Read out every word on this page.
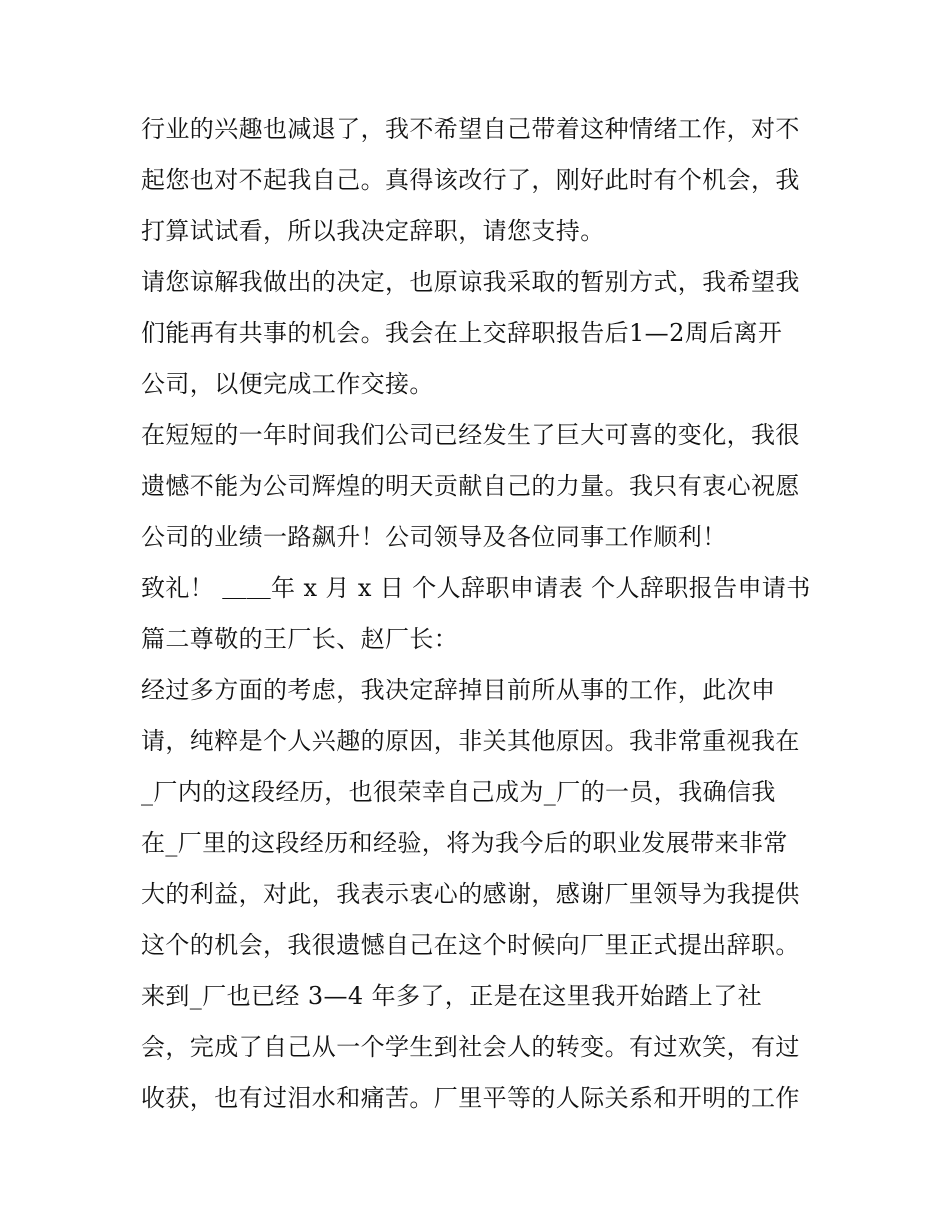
行业的兴趣也减退了，我不希望自己带着这种情绪工作，对不
起您也对不起我自己。真得该改行了，刚好此时有个机会，我
打算试试看，所以我决定辞职，请您支持。
请您谅解我做出的决定，也原谅我采取的暂别方式，我希望我
们能再有共事的机会。我会在上交辞职报告后1—2周后离开
公司，以便完成工作交接。
在短短的一年时间我们公司已经发生了巨大可喜的变化，我很
遗憾不能为公司辉煌的明天贡献自己的力量。我只有衷心祝愿
公司的业绩一路飙升！公司领导及各位同事工作顺利！
致礼！ ＿＿年 x 月 x 日 个人辞职申请表 个人辞职报告申请书
篇二尊敬的王厂长、赵厂长：
经过多方面的考虑，我决定辞掉目前所从事的工作，此次申
请，纯粹是个人兴趣的原因，非关其他原因。我非常重视我在
_厂内的这段经历，也很荣幸自己成为_厂的一员，我确信我
在_厂里的这段经历和经验，将为我今后的职业发展带来非常
大的利益，对此，我表示衷心的感谢，感谢厂里领导为我提供
这个的机会，我很遗憾自己在这个时候向厂里正式提出辞职。
来到_厂也已经 3—4 年多了，正是在这里我开始踏上了社
会，完成了自己从一个学生到社会人的转变。有过欢笑，有过
收获，也有过泪水和痛苦。厂里平等的人际关系和开明的工作
